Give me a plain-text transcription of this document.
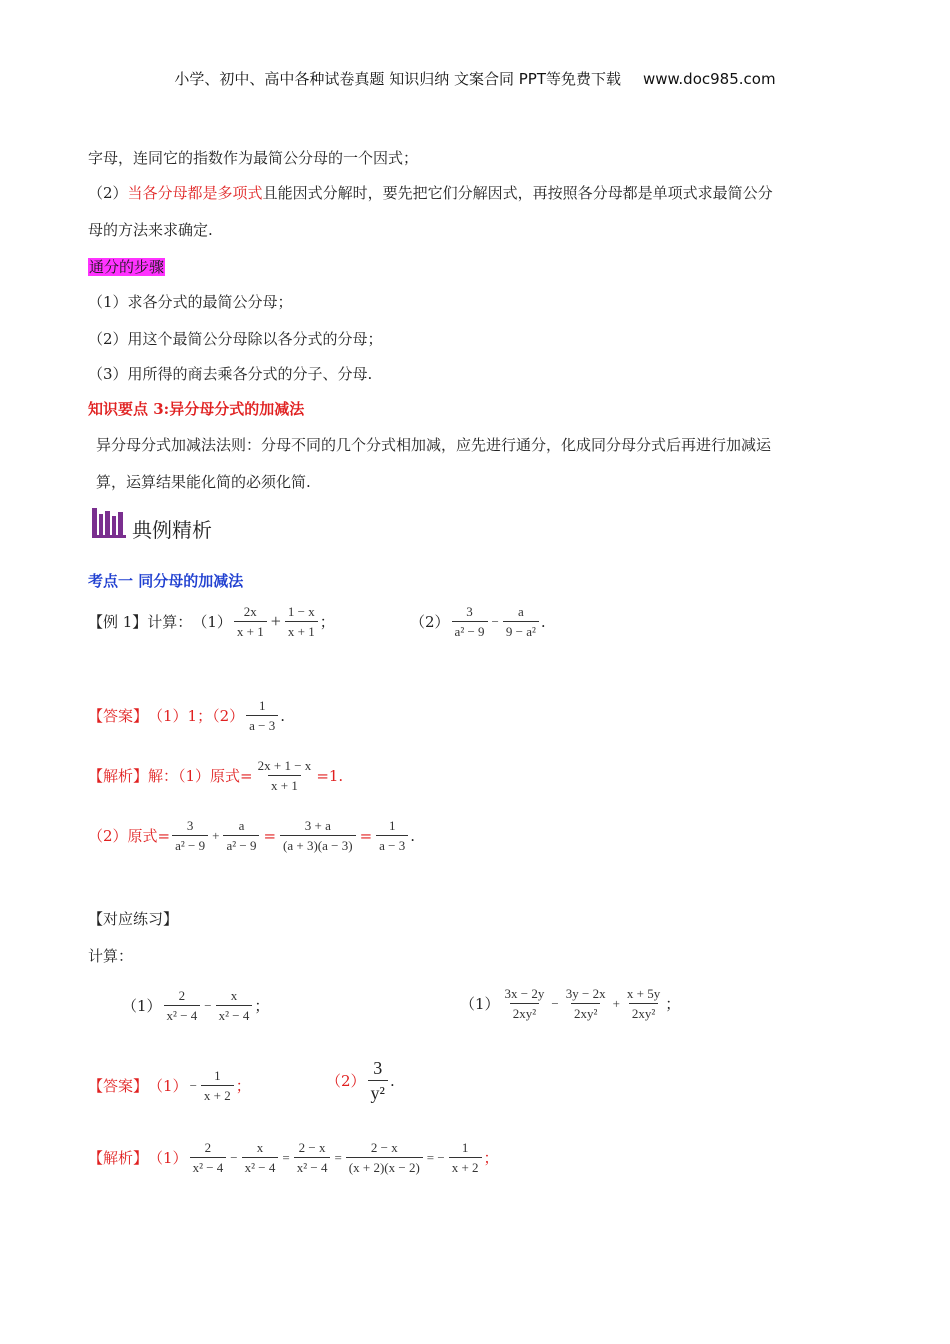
小学、初中、高中各种试卷真题 知识归纳 文案合同 PPT等免费下载 www.doc985.com
字母，连同它的指数作为最简公分母的一个因式；
（2）当各分母都是多项式且能因式分解时，要先把它们分解因式，再按照各分母都是单项式求最简公分
母的方法来求确定.
通分的步骤
（1）求各分式的最简公分母；
（2）用这个最简公分母除以各分式的分母；
（3）用所得的商去乘各分式的分子、分母.
知识要点 3:异分母分式的加减法
异分母分式加减法法则：分母不同的几个分式相加减，应先进行通分，化成同分母分式后再进行加减运
算，运算结果能化简的必须化简.
典例精析
考点一 同分母的加减法
【例 1】计算： $(1) \frac{2x}{x + 1} + \frac{1 - x}{x + 1}$ ；	$(2) \frac{3}{\text{a² − 9}} - \frac{a}{\text{9 − a²}}$ .
【答案】 （1）1；$(2) \frac{1}{a - 3}$ .
【解析】 解：（1）原式= $\frac{2x + 1 - x}{x + 1} =1$.
（2）原式= $\frac{3}{\text{a² − 9}} + \frac{a}{\text{a² − 9}} = \frac{3 + a}{(a + 3)(a - 3)} = \frac{1}{a - 3}$ .
【对应练习】
计算：
$(1) \frac{2}{\text{x² − 4}} - \frac{x}{\text{x² − 4}}$ ；	$(1) \frac{3x - 2y}{\text{2xy²}} - \frac{3y - 2x}{\text{2xy²}} + \frac{x + 5y}{\text{2xy²}}$ ；
【答案】 $(1) - \frac{1}{x + 2}$ ；	$(2) \frac{3}{\text{y²}}$ .
【解析】 $(1) \frac{2}{\text{x² − 4}} - \frac{x}{\text{x² − 4}} = \frac{2 - x}{\text{x² − 4}} = \frac{2 - x}{(x + 2)(x - 2)}$ = − $\frac{1}{x + 2}$ ；
